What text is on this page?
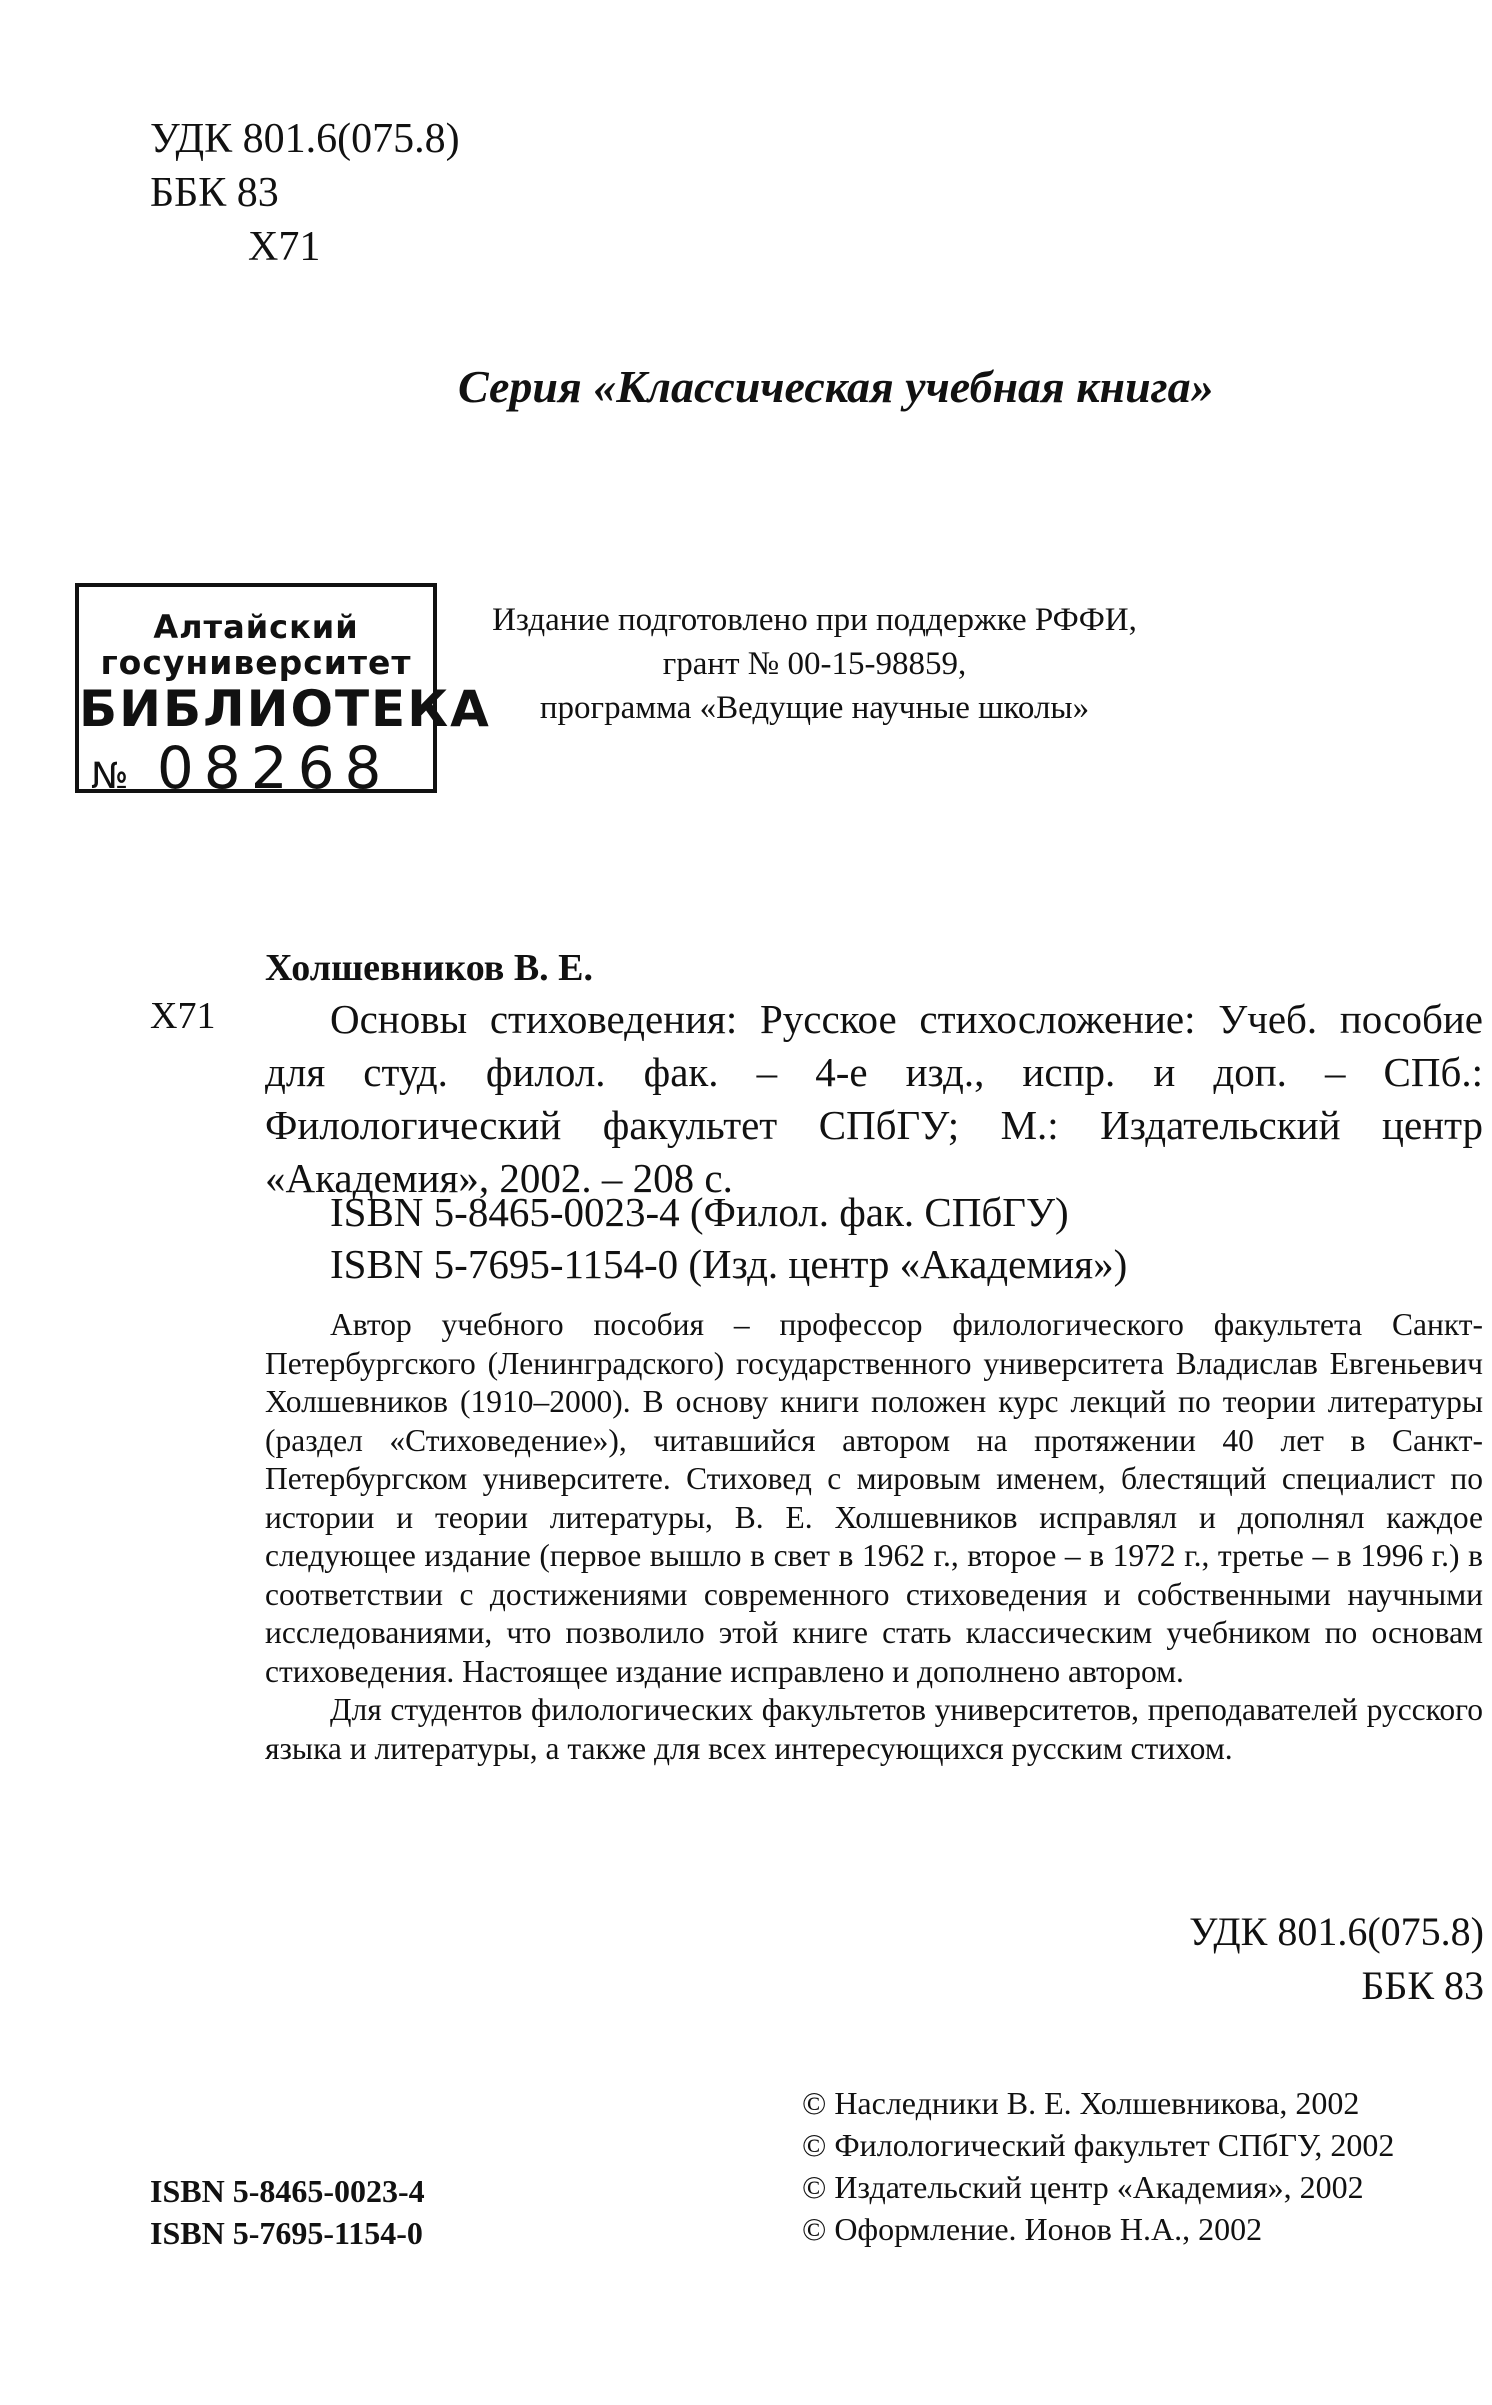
УДК 801.6(075.8)
ББК 83
Х71
Серия «Классическая учебная книга»
Алтайский
госуниверситет
БИБЛИОТЕКА
№ 08268
Издание подготовлено при поддержке РФФИ,
грант № 00-15-98859,
программа «Ведущие научные школы»
Холшевников В. Е.
Х71	Основы стиховедения: Русское стихосложение: Учеб. пособие для студ. филол. фак. – 4-е изд., испр. и доп. – СПб.: Филологический факультет СПбГУ; М.: Издательский центр «Академия», 2002. – 208 с.
ISBN 5-8465-0023-4 (Филол. фак. СПбГУ)
ISBN 5-7695-1154-0 (Изд. центр «Академия»)

Автор учебного пособия – профессор филологического факультета Санкт-Петербургского (Ленинградского) государственного университета Владислав Евгеньевич Холшевников (1910–2000). В основу книги положен курс лекций по теории литературы (раздел «Стиховедение»), читавшийся автором на протяжении 40 лет в Санкт-Петербургском университете. Стиховед с мировым именем, блестящий специалист по истории и теории литературы, В. Е. Холшевников исправлял и дополнял каждое следующее издание (первое вышло в свет в 1962 г., второе – в 1972 г., третье – в 1996 г.) в соответствии с достижениями современного стиховедения и собственными научными исследованиями, что позволило этой книге стать классическим учебником по основам стиховедения. Настоящее издание исправлено и дополнено автором.

Для студентов филологических факультетов университетов, преподавателей русского языка и литературы, а также для всех интересующихся русским стихом.

УДК 801.6(075.8)
ББК 83
ISBN 5-8465-0023-4
ISBN 5-7695-1154-0
© Наследники В. Е. Холшевникова, 2002
© Филологический факультет СПбГУ, 2002
© Издательский центр «Академия», 2002
© Оформление. Ионов Н.А., 2002
